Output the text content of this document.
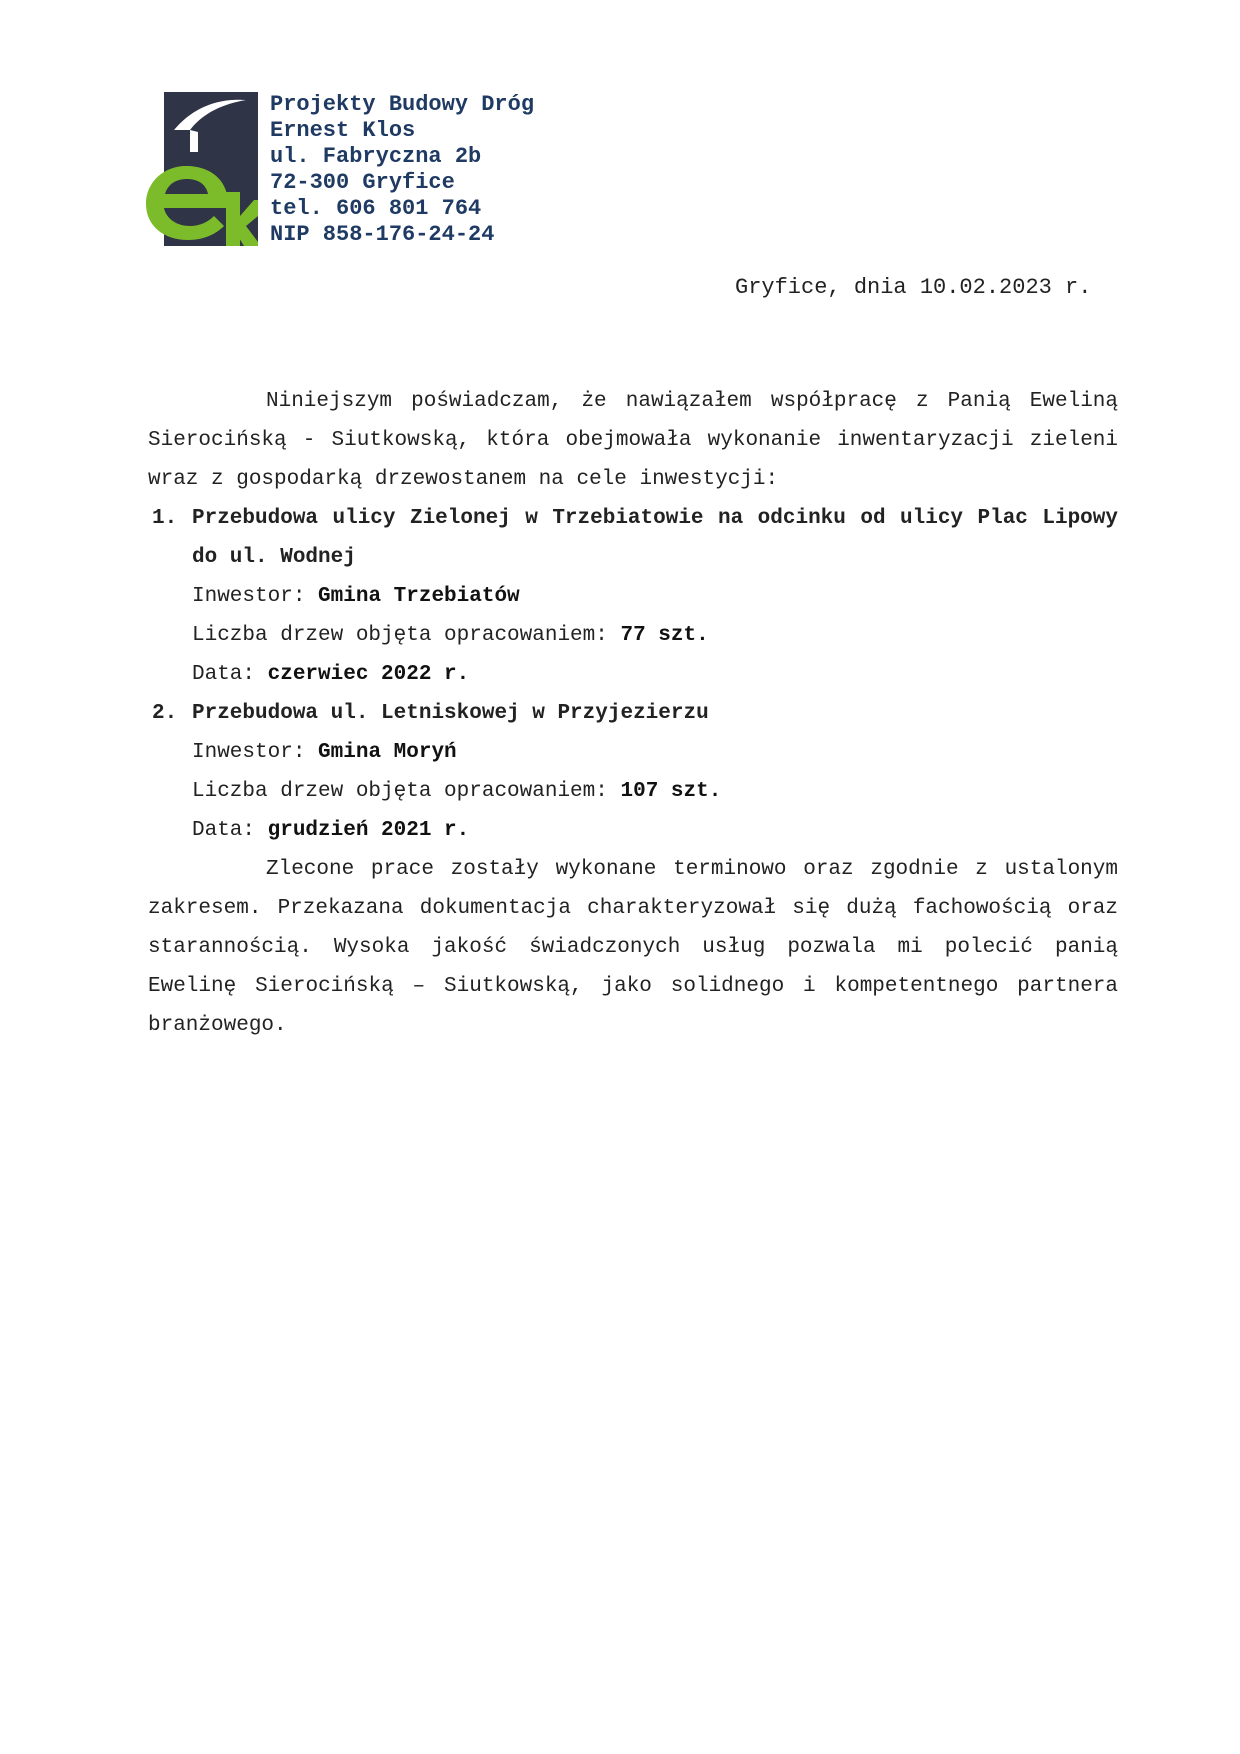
Projekty Budowy Dróg
Ernest Klos
ul. Fabryczna 2b
72-300 Gryfice
tel. 606 801 764
NIP 858-176-24-24
Gryfice, dnia 10.02.2023 r.

Niniejszym poświadczam, że nawiązałem współpracę z Panią Eweliną Sierocińską - Siutkowską, która obejmowała wykonanie inwentaryzacji zieleni wraz z gospodarką drzewostanem na cele inwestycji:

1. Przebudowa ulicy Zielonej w Trzebiatowie na odcinku od ulicy Plac Lipowy do ul. Wodnej
Inwestor: Gmina Trzebiatów
Liczba drzew objęta opracowaniem: 77 szt.
Data: czerwiec 2022 r.
2. Przebudowa ul. Letniskowej w Przyjezierzu
Inwestor: Gmina Moryń
Liczba drzew objęta opracowaniem: 107 szt.
Data: grudzień 2021 r.

Zlecone prace zostały wykonane terminowo oraz zgodnie z ustalonym zakresem. Przekazana dokumentacja charakteryzował się dużą fachowością oraz starannością. Wysoka jakość świadczonych usług pozwala mi polecić panią Ewelinę Sierocińską – Siutkowską, jako solidnego i kompetentnego partnera branżowego.
